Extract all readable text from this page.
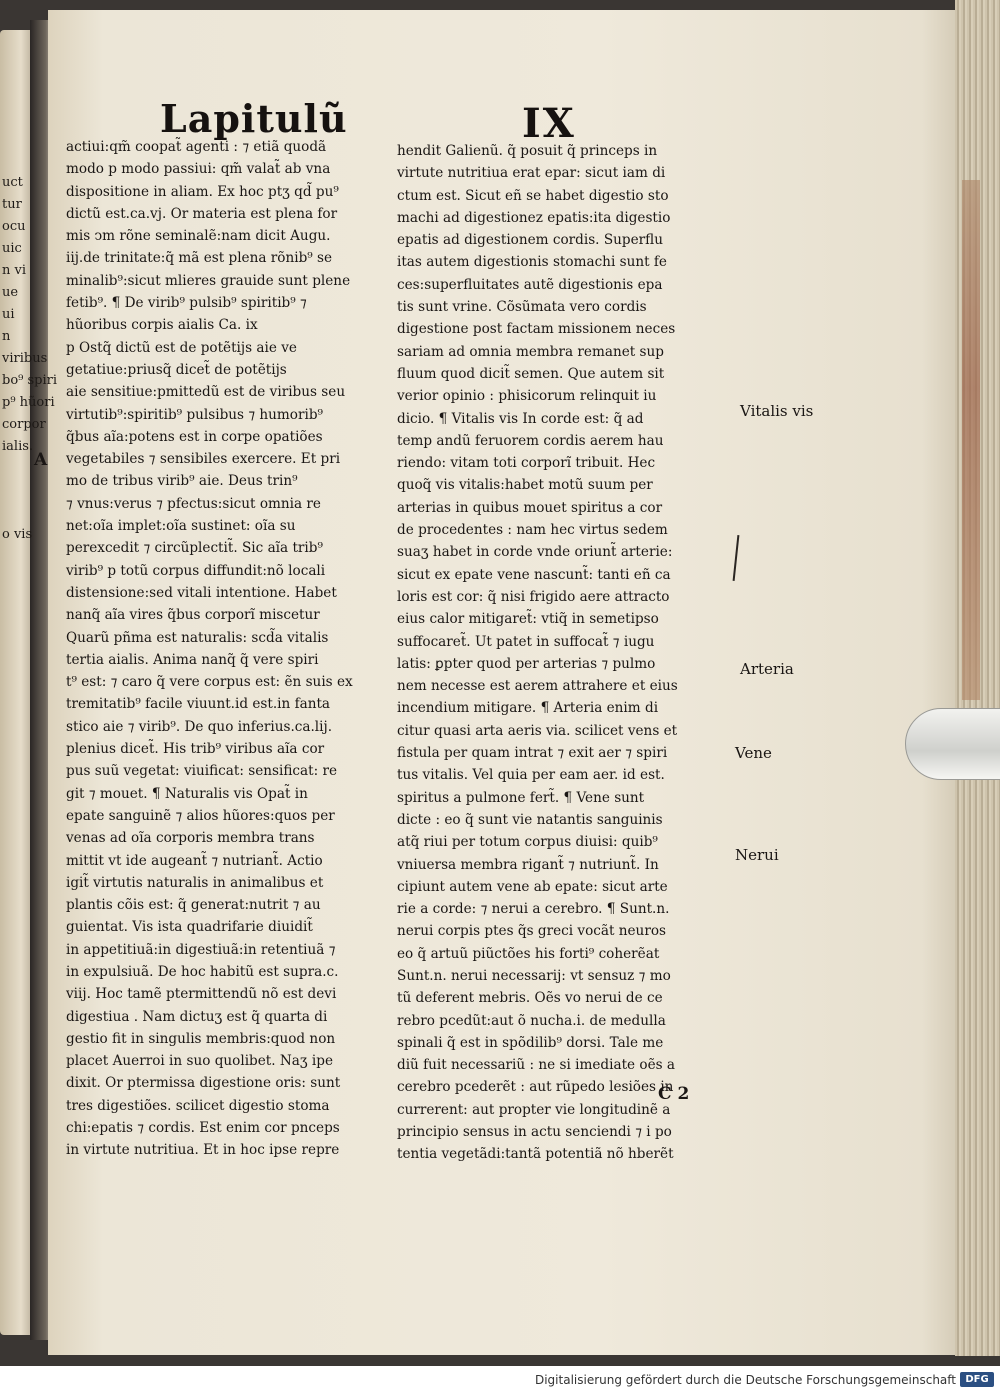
uct
tur
ocu
uic
n vi
ue
ui
n
viribus
bo⁹ spiri
p⁹ hũori
corpor
ialis.

o vis
Lapitulũ	IX
actiui:qm̃ coopat̃ agenti : ⁊ etiã quodã
modo p modo passiui: qm̃ valat̃ ab vna
dispositione in aliam. Ex hoc ptʒ qd̃ pu⁹
dictũ est.ca.vj. Or materia est plena for
mis ↄm rõne seminalẽ:nam dicit Augu.
iij.de trinitate:q̃ mã est plena rõnib⁹ se
minalib⁹:sicut mlieres grauide sunt plene
fetib⁹. ¶ De virib⁹ pulsib⁹ spiritib⁹ ⁊
hũoribus corpis aialis Ca. ix
p Ostq̃ dictũ est de potẽtijs aie ve
getatiue:priusq̃ dicet̃ de potẽtijs
aie sensitiue:pmittedũ est de viribus seu
virtutib⁹:spiritib⁹ pulsibus ⁊ humorib⁹
q̃bus aĩa:potens est in corpe opatiões
vegetabiles ⁊ sensibiles exercere. Et pri
mo de tribus virib⁹ aie. Deus trin⁹
⁊ vnus:verus ⁊ pfectus:sicut omnia re
net:oĩa implet:oĩa sustinet: oĩa su
perexcedit ⁊ circũplectit̃. Sic aĩa trib⁹
virib⁹ p totũ corpus diffundit:nõ locali
distensione:sed vitali intentione. Habet
nanq̃ aĩa vires q̃bus corporĩ miscetur
Quarũ pñma est naturalis: scd̃a vitalis
tertia aialis. Anima nanq̃ q̃ vere spiri
t⁹ est: ⁊ caro q̃ vere corpus est: ẽn suis ex
tremitatib⁹ facile viuunt.id est.in fanta
stico aie ⁊ virib⁹. De quo inferius.ca.lij.
plenius dicet̃. His trib⁹ viribus aĩa cor
pus suũ vegetat: viuificat: sensificat: re
git ⁊ mouet. ¶ Naturalis vis Opat̃ in
epate sanguinẽ ⁊ alios hũores:quos per
venas ad oĩa corporis membra trans
mittit vt ide augeant̃ ⁊ nutriant̃. Actio
igit̃ virtutis naturalis in animalibus et
plantis cõis est: q̃ generat:nutrit ⁊ au
guientat. Vis ista quadrifarie diuidit̃
in appetitiuã:in digestiuã:in retentiuã ⁊
in expulsiuã. De hoc habitũ est supra.c.
viij. Hoc tamẽ ptermittendũ nõ est devi
digestiua . Nam dictuʒ est q̃ quarta di
gestio fit in singulis membris:quod non
placet Auerroi in suo quolibet. Naʒ ipe
dixit. Or ptermissa digestione oris: sunt
tres digestiões. scilicet digestio stoma
chi:epatis ⁊ cordis. Est enim cor pnceps
in virtute nutritiua. Et in hoc ipse repre
hendit Galienũ. q̃ posuit q̃ princeps in
virtute nutritiua erat epar: sicut iam di
ctum est. Sicut eñ se habet digestio sto
machi ad digestionez epatis:ita digestio
epatis ad digestionem cordis. Superflu
itas autem digestionis stomachi sunt fe
ces:superfluitates autẽ digestionis epa
tis sunt vrine. Cõsũmata vero cordis
digestione post factam missionem neces
sariam ad omnia membra remanet sup
fluum quod dicit̃ semen. Que autem sit
verior opinio : phisicorum relinquit iu
dicio. ¶ Vitalis vis In corde est: q̃ ad
temp andũ feruorem cordis aerem hau
riendo: vitam toti corporĩ tribuit. Hec
quoq̃ vis vitalis:habet motũ suum per
arterias in quibus mouet spiritus a cor
de procedentes : nam hec virtus sedem
suaʒ habet in corde vnde oriunt̃ arterie:
sicut ex epate vene nascunt̃: tanti eñ ca
loris est cor: q̃ nisi frigido aere attracto
eius calor mitigaret̃: vtiq̃ in semetipso
suffocaret̃. Ut patet in suffocat̃ ⁊ iugu
latis: ꝑpter quod per arterias ⁊ pulmo
nem necesse est aerem attrahere et eius
incendium mitigare. ¶ Arteria enim di
citur quasi arta aeris via. scilicet vens et
fistula per quam intrat ⁊ exit aer ⁊ spiri
tus vitalis. Vel quia per eam aer. id est.
spiritus a pulmone fert̃. ¶ Vene sunt
dicte : eo q̃ sunt vie natantis sanguinis
atq̃ riui per totum corpus diuisi: quib⁹
vniuersa membra rigant̃ ⁊ nutriunt̃. In
cipiunt autem vene ab epate: sicut arte
rie a corde: ⁊ nerui a cerebro. ¶ Sunt.n.
nerui corpis ptes q̃s greci vocãt neuros
eo q̃ artuũ piũctões his forti⁹ coherẽat
Sunt.n. nerui necessarij: vt sensuz ⁊ mo
tũ deferent mebris. Oẽs vo nerui de ce
rebro pcedũt:aut õ nucha.i. de medulla
spinali q̃ est in spõdilib⁹ dorsi. Tale me
diũ fuit necessariũ : ne si imediate oẽs a
cerebro pcederẽt : aut rũpedo lesiões in
currerent: aut propter vie longitudinẽ a
principio sensus in actu senciendi ⁊ i po
tentia vegetãdi:tantã potentiã nõ hberẽt
Vitalis vis
Arteria
Vene
Nerui
A
C 2
Digitalisierung gefördert durch die Deutsche Forschungsgemeinschaft DFG
